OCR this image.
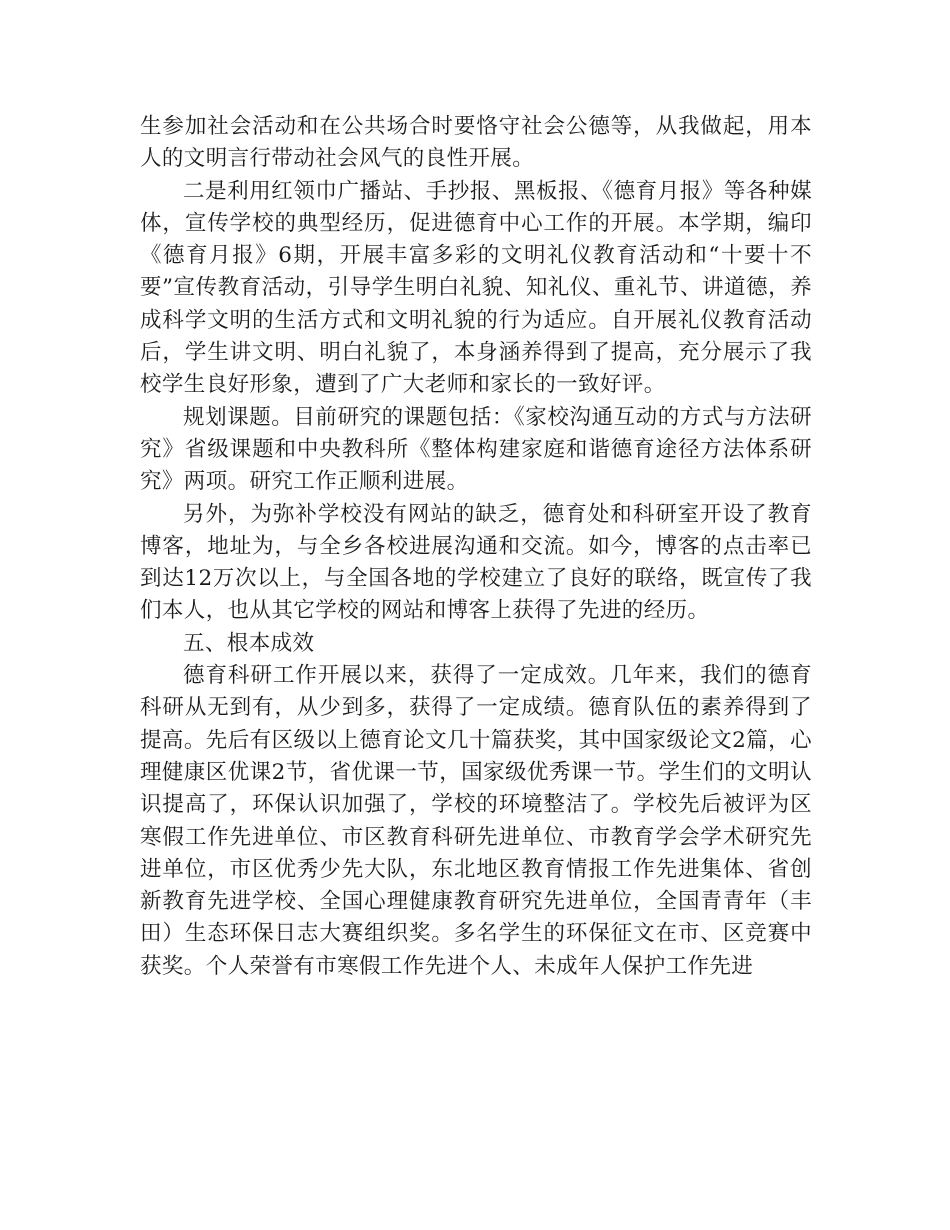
生参加社会活动和在公共场合时要恪守社会公德等，从我做起，用本人的文明言行带动社会风气的良性开展。

二是利用红领巾广播站、手抄报、黑板报、《德育月报》等各种媒体，宣传学校的典型经历，促进德育中心工作的开展。本学期，编印《德育月报》6期，开展丰富多彩的文明礼仪教育活动和“十要十不要”宣传教育活动，引导学生明白礼貌、知礼仪、重礼节、讲道德，养成科学文明的生活方式和文明礼貌的行为适应。自开展礼仪教育活动后，学生讲文明、明白礼貌了，本身涵养得到了提高，充分展示了我校学生良好形象，遭到了广大老师和家长的一致好评。

规划课题。目前研究的课题包括：《家校沟通互动的方式与方法研究》省级课题和中央教科所《整体构建家庭和谐德育途径方法体系研究》两项。研究工作正顺利进展。

另外，为弥补学校没有网站的缺乏，德育处和科研室开设了教育博客，地址为，与全乡各校进展沟通和交流。如今，博客的点击率已到达12万次以上，与全国各地的学校建立了良好的联络，既宣传了我们本人，也从其它学校的网站和博客上获得了先进的经历。

五、根本成效

德育科研工作开展以来，获得了一定成效。几年来，我们的德育科研从无到有，从少到多，获得了一定成绩。德育队伍的素养得到了提高。先后有区级以上德育论文几十篇获奖，其中国家级论文2篇，心理健康区优课2节，省优课一节，国家级优秀课一节。学生们的文明认识提高了，环保认识加强了，学校的环境整洁了。学校先后被评为区寒假工作先进单位、市区教育科研先进单位、市教育学会学术研究先进单位，市区优秀少先大队，东北地区教育情报工作先进集体、省创新教育先进学校、全国心理健康教育研究先进单位，全国青青年（丰田）生态环保日志大赛组织奖。多名学生的环保征文在市、区竞赛中获奖。个人荣誉有市寒假工作先进个人、未成年人保护工作先进
